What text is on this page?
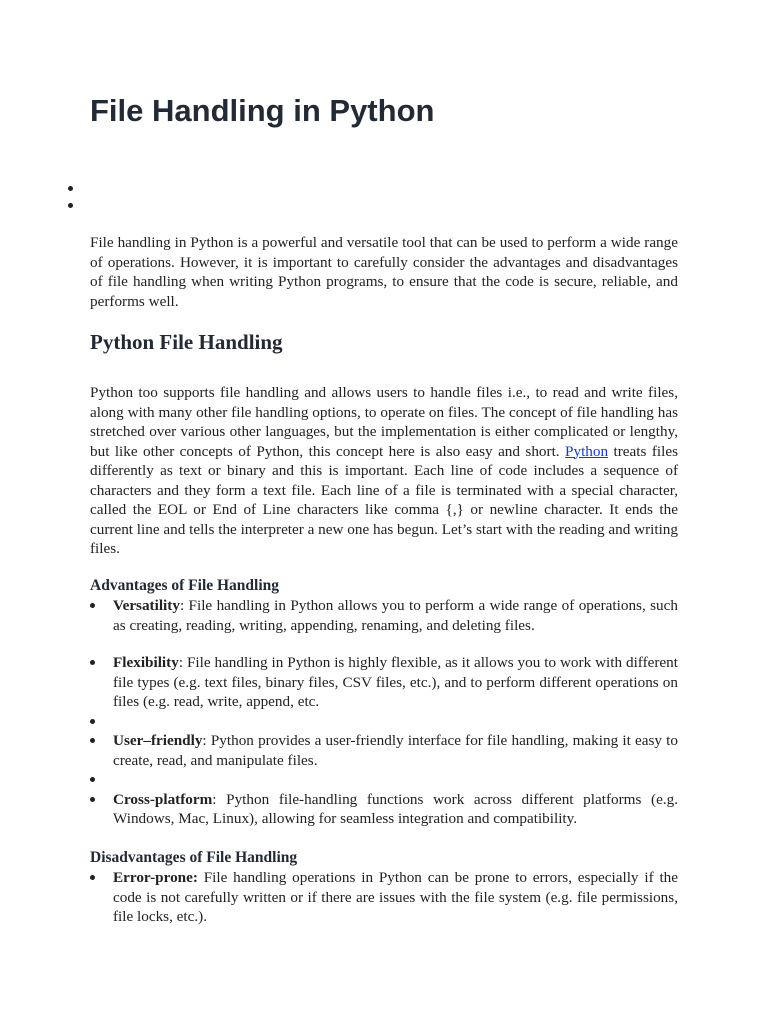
File Handling in Python

File handling in Python is a powerful and versatile tool that can be used to perform a wide range of operations. However, it is important to carefully consider the advantages and disadvantages of file handling when writing Python programs, to ensure that the code is secure, reliable, and performs well.

Python File Handling

Python too supports file handling and allows users to handle files i.e., to read and write files, along with many other file handling options, to operate on files. The concept of file handling has stretched over various other languages, but the implementation is either complicated or lengthy, but like other concepts of Python, this concept here is also easy and short. Python treats files differently as text or binary and this is important. Each line of code includes a sequence of characters and they form a text file. Each line of a file is terminated with a special character, called the EOL or End of Line characters like comma {,} or newline character. It ends the current line and tells the interpreter a new one has begun. Let’s start with the reading and writing files.

Advantages of File Handling
Versatility: File handling in Python allows you to perform a wide range of operations, such as creating, reading, writing, appending, renaming, and deleting files.
Flexibility: File handling in Python is highly flexible, as it allows you to work with different file types (e.g. text files, binary files, CSV files, etc.), and to perform different operations on files (e.g. read, write, append, etc.
User–friendly: Python provides a user-friendly interface for file handling, making it easy to create, read, and manipulate files.
Cross-platform: Python file-handling functions work across different platforms (e.g. Windows, Mac, Linux), allowing for seamless integration and compatibility.
Disadvantages of File Handling
Error-prone: File handling operations in Python can be prone to errors, especially if the code is not carefully written or if there are issues with the file system (e.g. file permissions, file locks, etc.).
